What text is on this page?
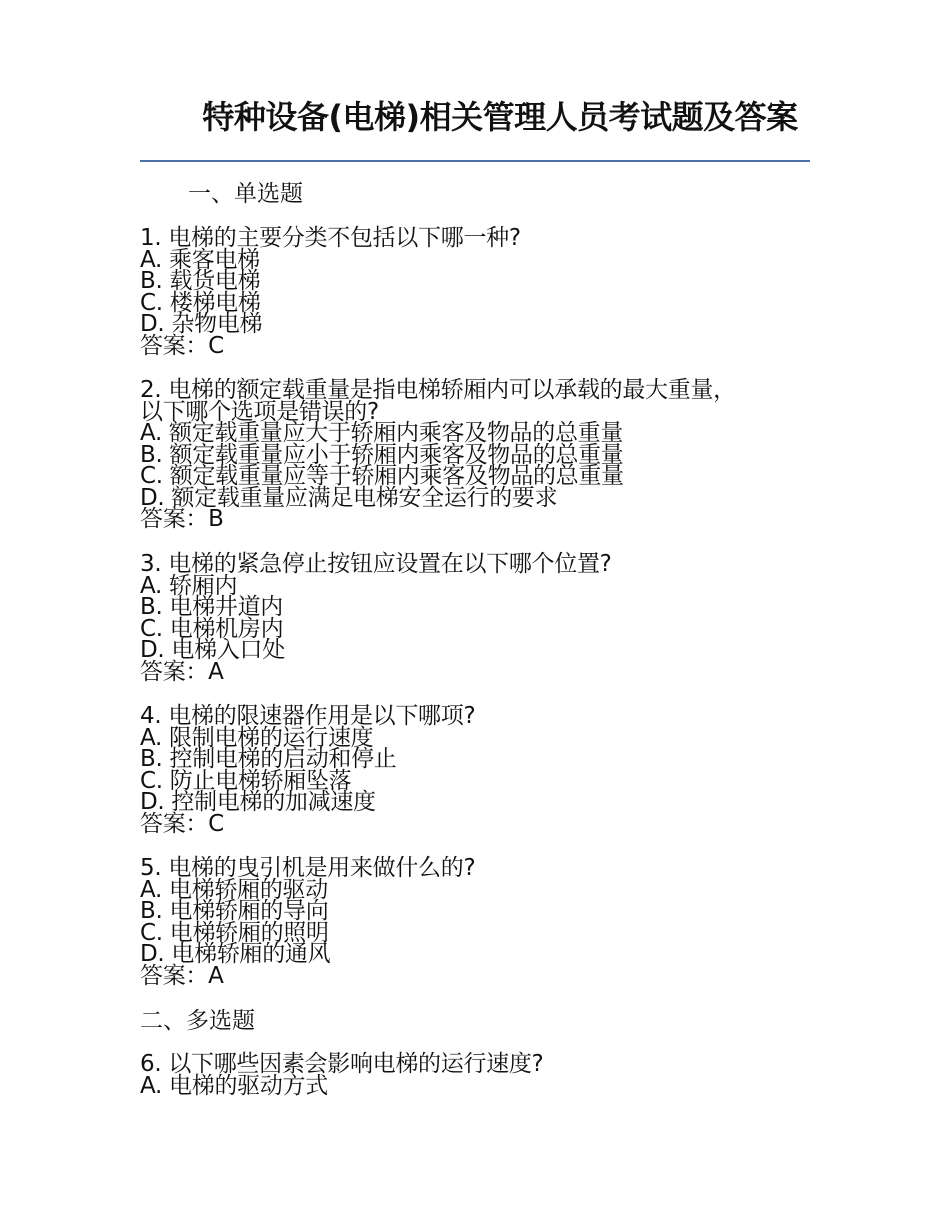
特种设备(电梯)相关管理人员考试题及答案
一、单选题
1. 电梯的主要分类不包括以下哪一种?
A. 乘客电梯
B. 载货电梯
C. 楼梯电梯
D. 杂物电梯
答案：C
2. 电梯的额定载重量是指电梯轿厢内可以承载的最大重量，
以下哪个选项是错误的?
A. 额定载重量应大于轿厢内乘客及物品的总重量
B. 额定载重量应小于轿厢内乘客及物品的总重量
C. 额定载重量应等于轿厢内乘客及物品的总重量
D. 额定载重量应满足电梯安全运行的要求
答案：B
3. 电梯的紧急停止按钮应设置在以下哪个位置?
A. 轿厢内
B. 电梯井道内
C. 电梯机房内
D. 电梯入口处
答案：A
4. 电梯的限速器作用是以下哪项?
A. 限制电梯的运行速度
B. 控制电梯的启动和停止
C. 防止电梯轿厢坠落
D. 控制电梯的加减速度
答案：C
5. 电梯的曳引机是用来做什么的?
A. 电梯轿厢的驱动
B. 电梯轿厢的导向
C. 电梯轿厢的照明
D. 电梯轿厢的通风
答案：A
二、多选题
6. 以下哪些因素会影响电梯的运行速度?
A. 电梯的驱动方式
